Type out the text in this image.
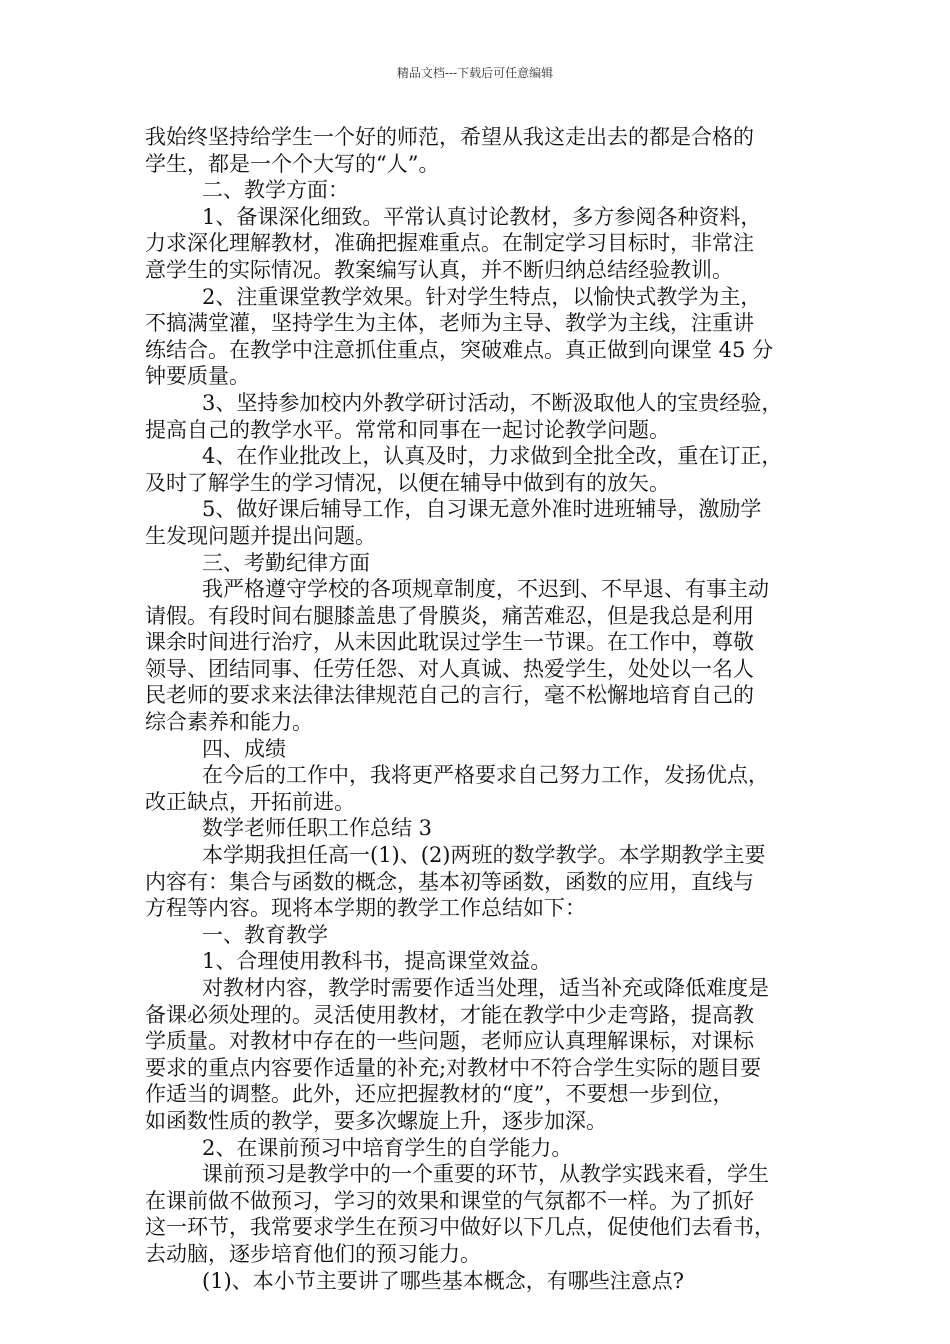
精品文档---下载后可任意编辑
我始终坚持给学生一个好的师范，希望从我这走出去的都是合格的
学生，都是一个个大写的“人”。
二、教学方面：
1、备课深化细致。平常认真讨论教材，多方参阅各种资料，
力求深化理解教材，准确把握难重点。在制定学习目标时，非常注
意学生的实际情况。教案编写认真，并不断归纳总结经验教训。
2、注重课堂教学效果。针对学生特点，以愉快式教学为主，
不搞满堂灌，坚持学生为主体，老师为主导、教学为主线，注重讲
练结合。在教学中注意抓住重点，突破难点。真正做到向课堂 45 分
钟要质量。
3、坚持参加校内外教学研讨活动，不断汲取他人的宝贵经验，
提高自己的教学水平。常常和同事在一起讨论教学问题。
4、在作业批改上，认真及时，力求做到全批全改，重在订正，
及时了解学生的学习情况，以便在辅导中做到有的放矢。
5、做好课后辅导工作，自习课无意外准时进班辅导，激励学
生发现问题并提出问题。
三、考勤纪律方面
我严格遵守学校的各项规章制度，不迟到、不早退、有事主动
请假。有段时间右腿膝盖患了骨膜炎，痛苦难忍，但是我总是利用
课余时间进行治疗，从未因此耽误过学生一节课。在工作中，尊敬
领导、团结同事、任劳任怨、对人真诚、热爱学生，处处以一名人
民老师的要求来法律法律规范自己的言行，毫不松懈地培育自己的
综合素养和能力。
四、成绩
在今后的工作中，我将更严格要求自己努力工作，发扬优点，
改正缺点，开拓前进。
数学老师任职工作总结 3
本学期我担任高一(1)、(2)两班的数学教学。本学期教学主要
内容有：集合与函数的概念，基本初等函数，函数的应用，直线与
方程等内容。现将本学期的教学工作总结如下：
一、教育教学
1、合理使用教科书，提高课堂效益。
对教材内容，教学时需要作适当处理，适当补充或降低难度是
备课必须处理的。灵活使用教材，才能在教学中少走弯路，提高教
学质量。对教材中存在的一些问题，老师应认真理解课标，对课标
要求的重点内容要作适量的补充;对教材中不符合学生实际的题目要
作适当的调整。此外，还应把握教材的“度”，不要想一步到位，
如函数性质的教学，要多次螺旋上升，逐步加深。
2、在课前预习中培育学生的自学能力。
课前预习是教学中的一个重要的环节，从教学实践来看，学生
在课前做不做预习，学习的效果和课堂的气氛都不一样。为了抓好
这一环节，我常要求学生在预习中做好以下几点，促使他们去看书，
去动脑，逐步培育他们的预习能力。
(1)、本小节主要讲了哪些基本概念，有哪些注意点?
